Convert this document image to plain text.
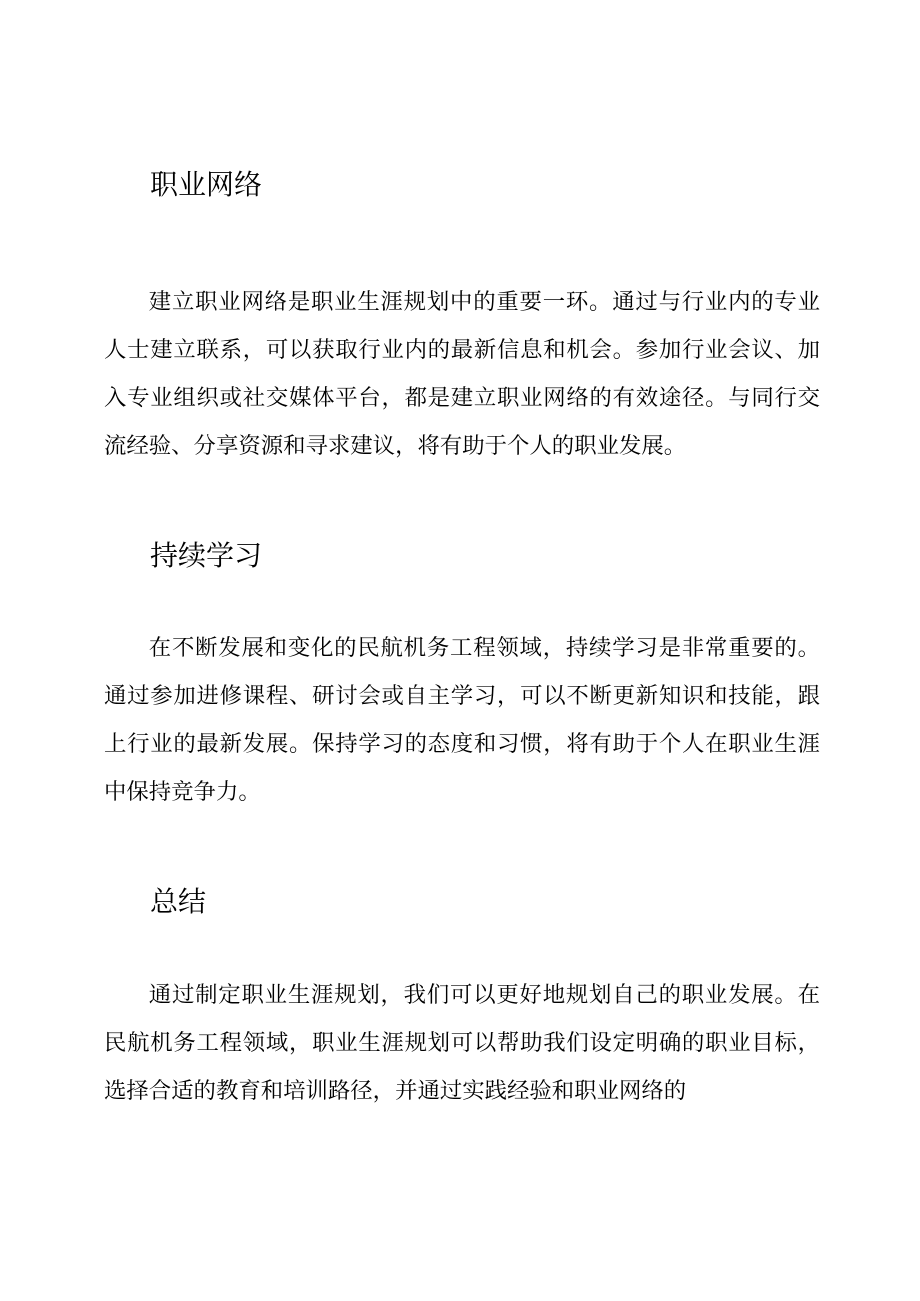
职业网络

建立职业网络是职业生涯规划中的重要一环。通过与行业内的专业人士建立联系，可以获取行业内的最新信息和机会。参加行业会议、加入专业组织或社交媒体平台，都是建立职业网络的有效途径。与同行交流经验、分享资源和寻求建议，将有助于个人的职业发展。

持续学习

在不断发展和变化的民航机务工程领域，持续学习是非常重要的。通过参加进修课程、研讨会或自主学习，可以不断更新知识和技能，跟上行业的最新发展。保持学习的态度和习惯，将有助于个人在职业生涯中保持竞争力。

总结

通过制定职业生涯规划，我们可以更好地规划自己的职业发展。在民航机务工程领域，职业生涯规划可以帮助我们设定明确的职业目标，选择合适的教育和培训路径，并通过实践经验和职业网络的
